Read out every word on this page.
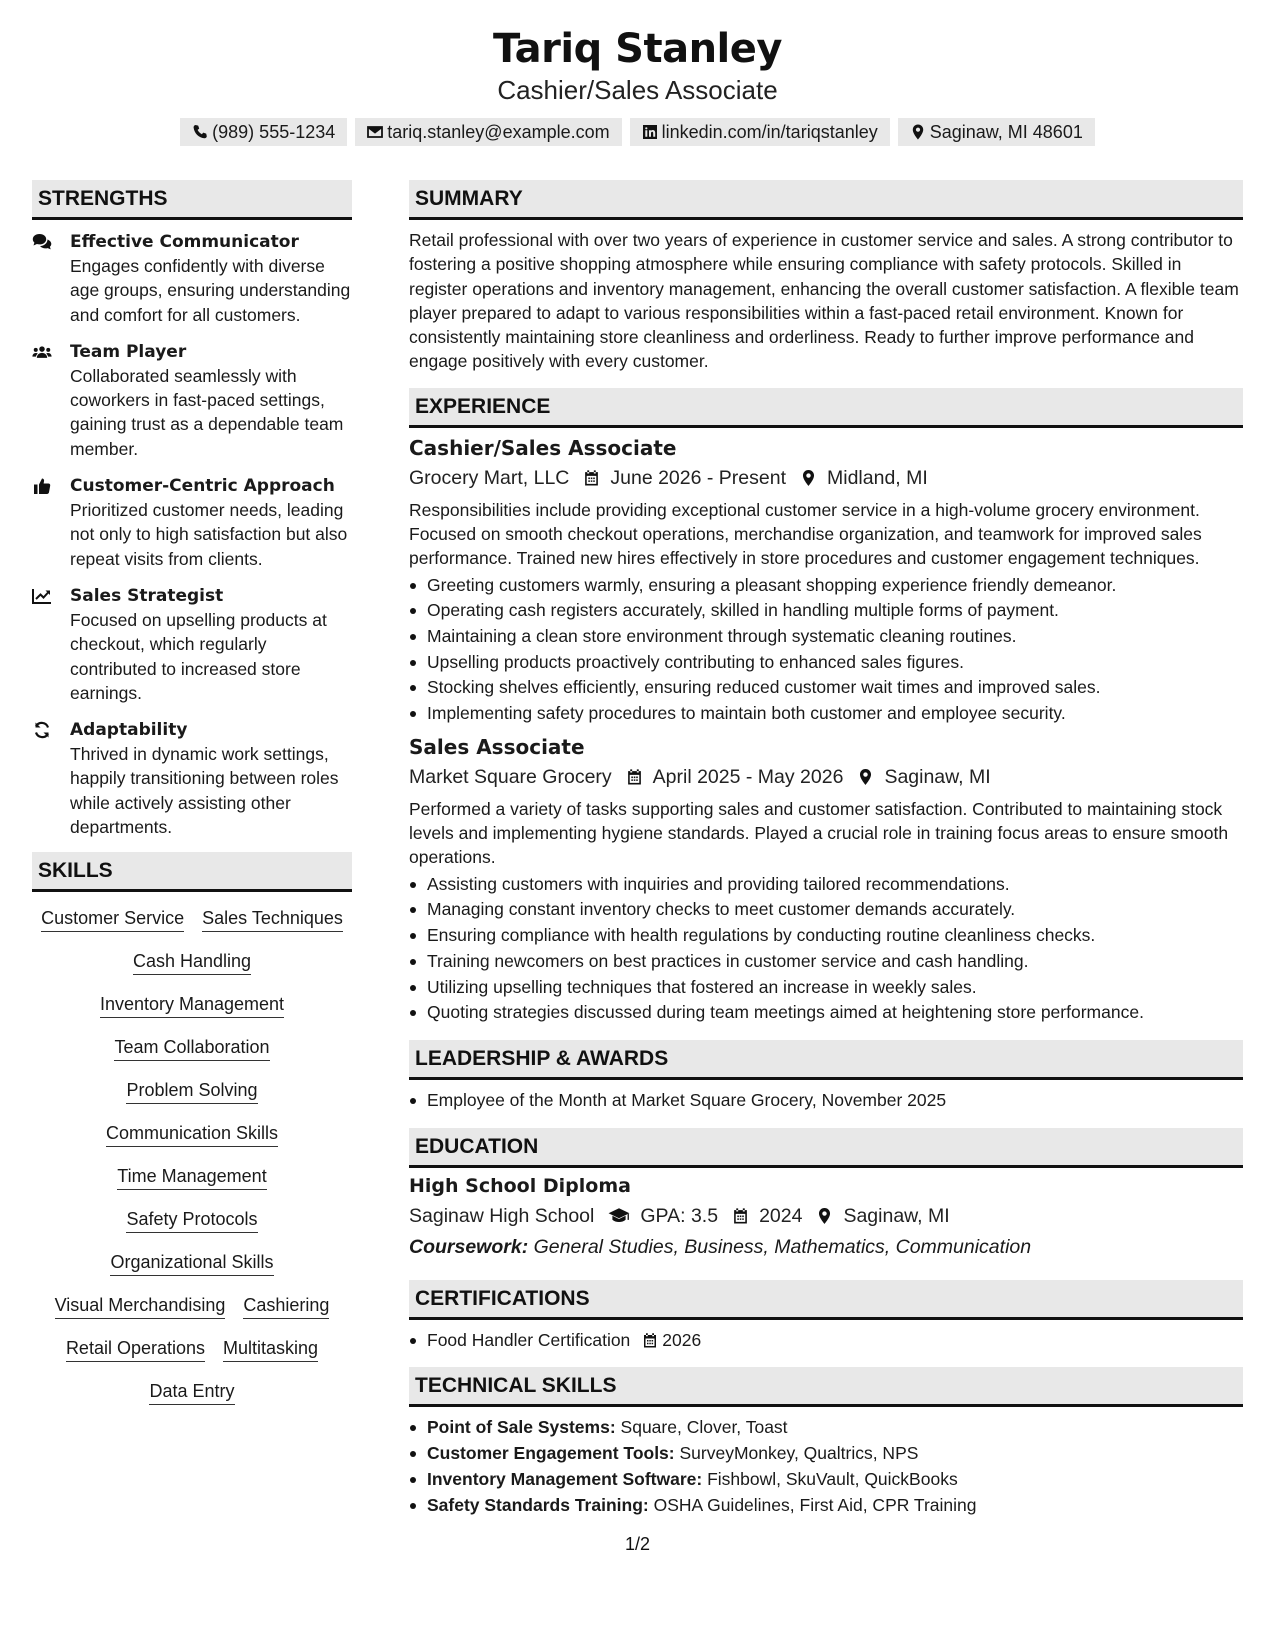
Tariq Stanley
Cashier/Sales Associate
(989) 555-1234	tariq.stanley@example.com	linkedin.com/in/tariqstanley	Saginaw, MI 48601
STRENGTHS
Effective Communicator
Engages confidently with diverse age groups, ensuring understanding and comfort for all customers.
Team Player
Collaborated seamlessly with coworkers in fast-paced settings, gaining trust as a dependable team member.
Customer-Centric Approach
Prioritized customer needs, leading not only to high satisfaction but also repeat visits from clients.
Sales Strategist
Focused on upselling products at checkout, which regularly contributed to increased store earnings.
Adaptability
Thrived in dynamic work settings, happily transitioning between roles while actively assisting other departments.
SKILLS
Customer Service Sales Techniques
Cash Handling
Inventory Management
Team Collaboration
Problem Solving
Communication Skills
Time Management
Safety Protocols
Organizational Skills
Visual Merchandising Cashiering
Retail Operations Multitasking
Data Entry
SUMMARY
Retail professional with over two years of experience in customer service and sales. A strong contributor to fostering a positive shopping atmosphere while ensuring compliance with safety protocols. Skilled in register operations and inventory management, enhancing the overall customer satisfaction. A flexible team player prepared to adapt to various responsibilities within a fast-paced retail environment. Known for consistently maintaining store cleanliness and orderliness. Ready to further improve performance and engage positively with every customer.
EXPERIENCE
Cashier/Sales Associate
Grocery Mart, LLC June 2026 - Present Midland, MI
Responsibilities include providing exceptional customer service in a high-volume grocery environment. Focused on smooth checkout operations, merchandise organization, and teamwork for improved sales performance. Trained new hires effectively in store procedures and customer engagement techniques.
Greeting customers warmly, ensuring a pleasant shopping experience friendly demeanor.
Operating cash registers accurately, skilled in handling multiple forms of payment.
Maintaining a clean store environment through systematic cleaning routines.
Upselling products proactively contributing to enhanced sales figures.
Stocking shelves efficiently, ensuring reduced customer wait times and improved sales.
Implementing safety procedures to maintain both customer and employee security.
Sales Associate
Market Square Grocery April 2025 - May 2026 Saginaw, MI
Performed a variety of tasks supporting sales and customer satisfaction. Contributed to maintaining stock levels and implementing hygiene standards. Played a crucial role in training focus areas to ensure smooth operations.
Assisting customers with inquiries and providing tailored recommendations.
Managing constant inventory checks to meet customer demands accurately.
Ensuring compliance with health regulations by conducting routine cleanliness checks.
Training newcomers on best practices in customer service and cash handling.
Utilizing upselling techniques that fostered an increase in weekly sales.
Quoting strategies discussed during team meetings aimed at heightening store performance.
LEADERSHIP & AWARDS
Employee of the Month at Market Square Grocery, November 2025
EDUCATION
High School Diploma
Saginaw High School GPA: 3.5 2024 Saginaw, MI
Coursework: General Studies, Business, Mathematics, Communication
CERTIFICATIONS
Food Handler Certification 2026
TECHNICAL SKILLS
Point of Sale Systems: Square, Clover, Toast
Customer Engagement Tools: SurveyMonkey, Qualtrics, NPS
Inventory Management Software: Fishbowl, SkuVault, QuickBooks
Safety Standards Training: OSHA Guidelines, First Aid, CPR Training
1/2
